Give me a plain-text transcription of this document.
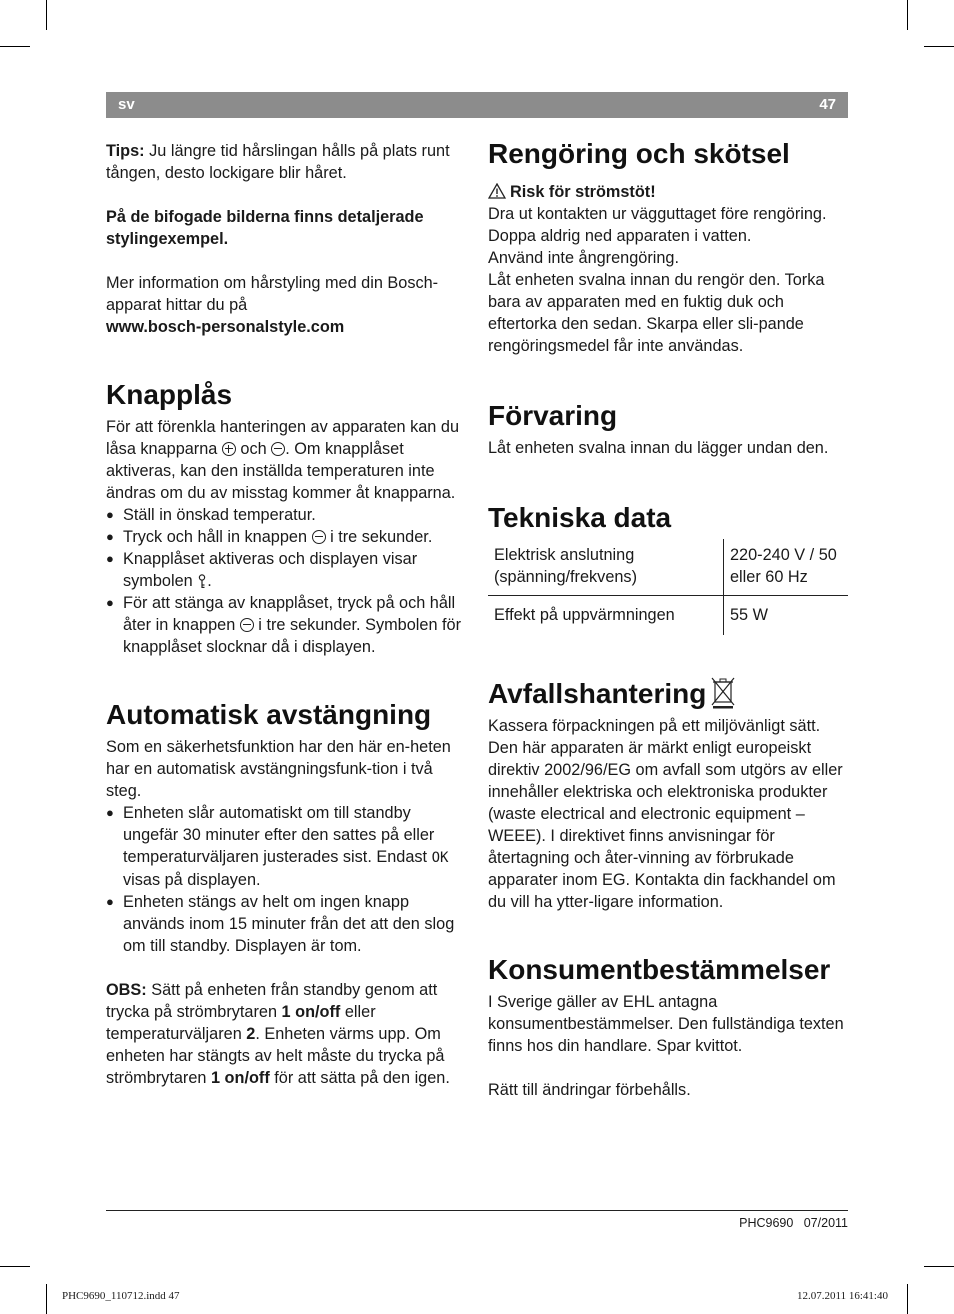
sv	47

Tips: Ju längre tid hårslingan hålls på plats runt tången, desto lockigare blir håret.

På de bifogade bilderna finns detaljerade stylingexempel.

Mer information om hårstyling med din Bosch-apparat hittar du på

www.bosch-personalstyle.com

Knapplås

För att förenkla hanteringen av apparaten kan du låsa knapparna  och . Om knapplåset aktiveras, kan den inställda temperaturen inte ändras om du av misstag kommer åt knapparna.

● Ställ in önskad temperatur.
● Tryck och håll in knappen  i tre sekunder.
● Knapplåset aktiveras och displayen visar symbolen .
● För att stänga av knapplåset, tryck på och håll åter in knappen  i tre sekunder. Symbolen för knapplåset slocknar då i displayen.
Automatisk avstängning

Som en säkerhetsfunktion har den här en-heten har en automatisk avstängningsfunk-tion i två steg.

● Enheten slår automatiskt om till standby ungefär 30 minuter efter den sattes på eller temperaturväljaren justerades sist. Endast OK visas på displayen.
● Enheten stängs av helt om ingen knapp används inom 15 minuter från det att den slog om till standby. Displayen är tom.

OBS: Sätt på enheten från standby genom att trycka på strömbrytaren 1 on/off eller temperaturväljaren 2. Enheten värms upp. Om enheten har stängts av helt måste du trycka på strömbrytaren 1 on/off för att sätta på den igen.

Rengöring och skötsel

Risk för strömstöt!

Dra ut kontakten ur vägguttaget före rengöring.

Doppa aldrig ned apparaten i vatten.

Använd inte ångrengöring.

Låt enheten svalna innan du rengör den. Torka bara av apparaten med en fuktig duk och eftertorka den sedan. Skarpa eller sli-pande rengöringsmedel får inte användas.

Förvaring

Låt enheten svalna innan du lägger undan den.

Tekniska data
Elektrisk anslutning (spänning/frekvens)	220-240 V / 50 eller 60 Hz
Effekt på uppvärmningen	55 W
Avfallshantering

Kassera förpackningen på ett miljövänligt sätt. Den här apparaten är märkt enligt europeiskt direktiv 2002/96/EG om avfall som utgörs av eller innehåller elektriska och elektroniska produkter (waste electrical and electronic equipment – WEEE). I direktivet finns anvisningar för återtagning och åter-vinning av förbrukade apparater inom EG. Kontakta din fackhandel om du vill ha ytter-ligare information.

Konsumentbestämmelser

I Sverige gäller av EHL antagna konsumentbestämmelser. Den fullständiga texten finns hos din handlare. Spar kvittot.

Rätt till ändringar förbehålls.

PHC9690 07/2011
PHC9690_110712.indd 47	12.07.2011 16:41:40
